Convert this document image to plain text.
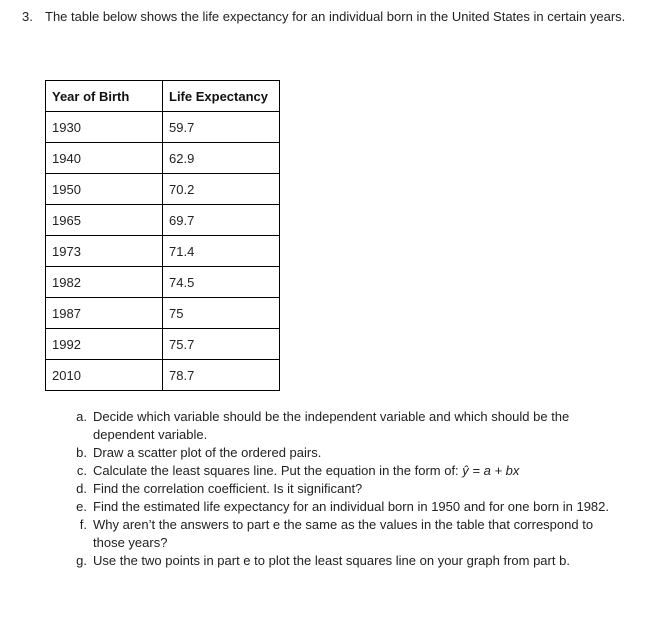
3. The table below shows the life expectancy for an individual born in the United States in certain years.
Year of Birth	Life Expectancy
1930	59.7
1940	62.9
1950	70.2
1965	69.7
1973	71.4
1982	74.5
1987	75
1992	75.7
2010	78.7
a. Decide which variable should be the independent variable and which should be the dependent variable.
b. Draw a scatter plot of the ordered pairs.
c. Calculate the least squares line. Put the equation in the form of: ŷ = a + bx
d. Find the correlation coefficient. Is it significant?
e. Find the estimated life expectancy for an individual born in 1950 and for one born in 1982.
f. Why aren’t the answers to part e the same as the values in the table that correspond to those years?
g. Use the two points in part e to plot the least squares line on your graph from part b.
